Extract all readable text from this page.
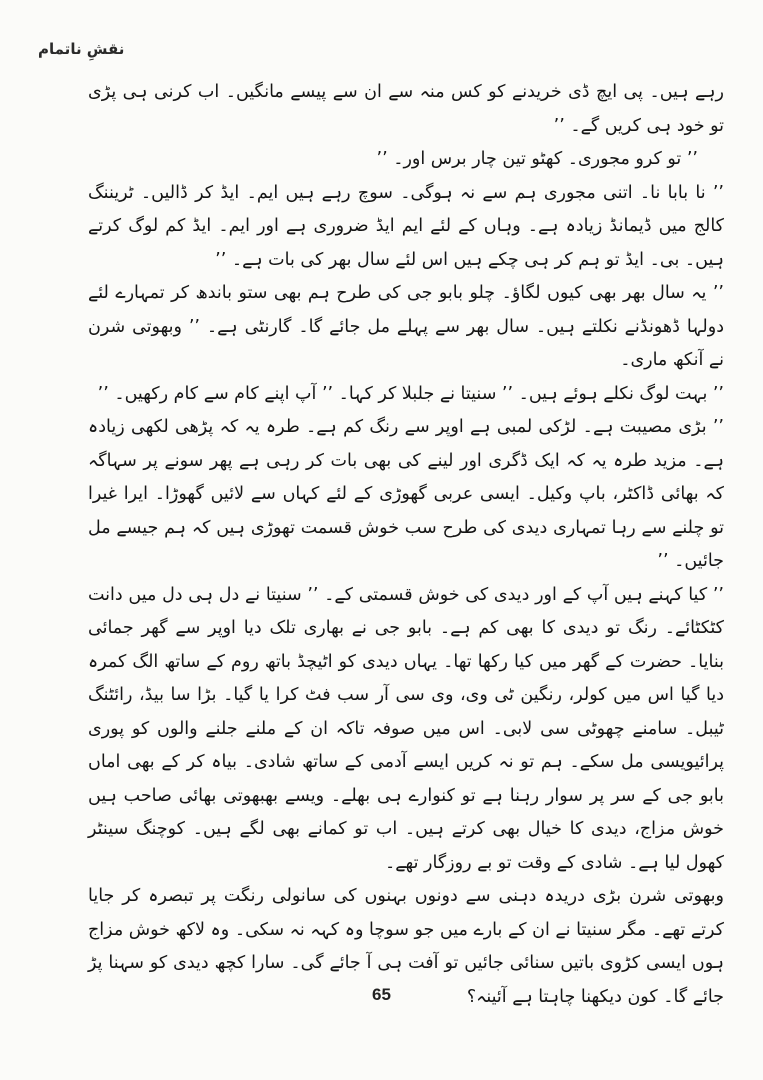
نقشِ ناتمام

رہے ہیں۔ پی ایچ ڈی خریدنے کو کس منہ سے ان سے پیسے مانگیں۔ اب کرنی ہی پڑی تو خود ہی کریں گے۔ ’’

’’ تو کرو مجوری۔ کھٹو تین چار برس اور۔ ’’

’’ نا بابا نا۔ اتنی مجوری ہم سے نہ ہوگی۔ سوچ رہے ہیں ایم۔ ایڈ کر ڈالیں۔ ٹریننگ کالج میں ڈیمانڈ زیادہ ہے۔ وہاں کے لئے ایم ایڈ ضروری ہے اور ایم۔ ایڈ کم لوگ کرتے ہیں۔ بی۔ ایڈ تو ہم کر ہی چکے ہیں اس لئے سال بھر کی بات ہے۔ ’’

’’ یہ سال بھر بھی کیوں لگاؤ۔ چلو بابو جی کی طرح ہم بھی ستو باندھ کر تمہارے لئے دولہا ڈھونڈنے نکلتے ہیں۔ سال بھر سے پہلے مل جائے گا۔ گارنٹی ہے۔ ’’ وبھوتی شرن نے آنکھ ماری۔

’’ بہت لوگ نکلے ہوئے ہیں۔ ’’ سنیتا نے جلبلا کر کہا۔ ’’ آپ اپنے کام سے کام رکھیں۔ ’’

’’ بڑی مصیبت ہے۔ لڑکی لمبی ہے اوپر سے رنگ کم ہے۔ طرہ یہ کہ پڑھی لکھی زیادہ ہے۔ مزید طرہ یہ کہ ایک ڈگری اور لینے کی بھی بات کر رہی ہے پھر سونے پر سہاگہ کہ بھائی ڈاکٹر، باپ وکیل۔ ایسی عربی گھوڑی کے لئے کہاں سے لائیں گھوڑا۔ ایرا غیرا تو چلنے سے رہا تمہاری دیدی کی طرح سب خوش قسمت تھوڑی ہیں کہ ہم جیسے مل جائیں۔ ’’

’’ کیا کہنے ہیں آپ کے اور دیدی کی خوش قسمتی کے۔ ’’ سنیتا نے دل ہی دل میں دانت کٹکٹائے۔ رنگ تو دیدی کا بھی کم ہے۔ بابو جی نے بھاری تلک دیا اوپر سے گھر جمائی بنایا۔ حضرت کے گھر میں کیا رکھا تھا۔ یہاں دیدی کو اٹیچڈ باتھ روم کے ساتھ الگ کمرہ دیا گیا اس میں کولر، رنگین ٹی وی، وی سی آر سب فٹ کرا یا گیا۔ بڑا سا بیڈ، رائٹنگ ٹیبل۔ سامنے چھوٹی سی لابی۔ اس میں صوفہ تاکہ ان کے ملنے جلنے والوں کو پوری پرائیویسی مل سکے۔ ہم تو نہ کریں ایسے آدمی کے ساتھ شادی۔ بیاہ کر کے بھی اماں بابو جی کے سر پر سوار رہنا ہے تو کنوارے ہی بھلے۔ ویسے بھبھوتی بھائی صاحب ہیں خوش مزاج، دیدی کا خیال بھی کرتے ہیں۔ اب تو کمانے بھی لگے ہیں۔ کوچنگ سینٹر کھول لیا ہے۔ شادی کے وقت تو بے روزگار تھے۔

وبھوتی شرن بڑی دریدہ دہنی سے دونوں بہنوں کی سانولی رنگت پر تبصرہ کر جایا کرتے تھے۔ مگر سنیتا نے ان کے بارے میں جو سوچا وہ کہہ نہ سکی۔ وہ لاکھ خوش مزاج ہوں ایسی کڑوی باتیں سنائی جائیں تو آفت ہی آ جائے گی۔ سارا کچھ دیدی کو سہنا پڑ جائے گا۔ کون دیکھنا چاہتا ہے آئینہ؟

65
